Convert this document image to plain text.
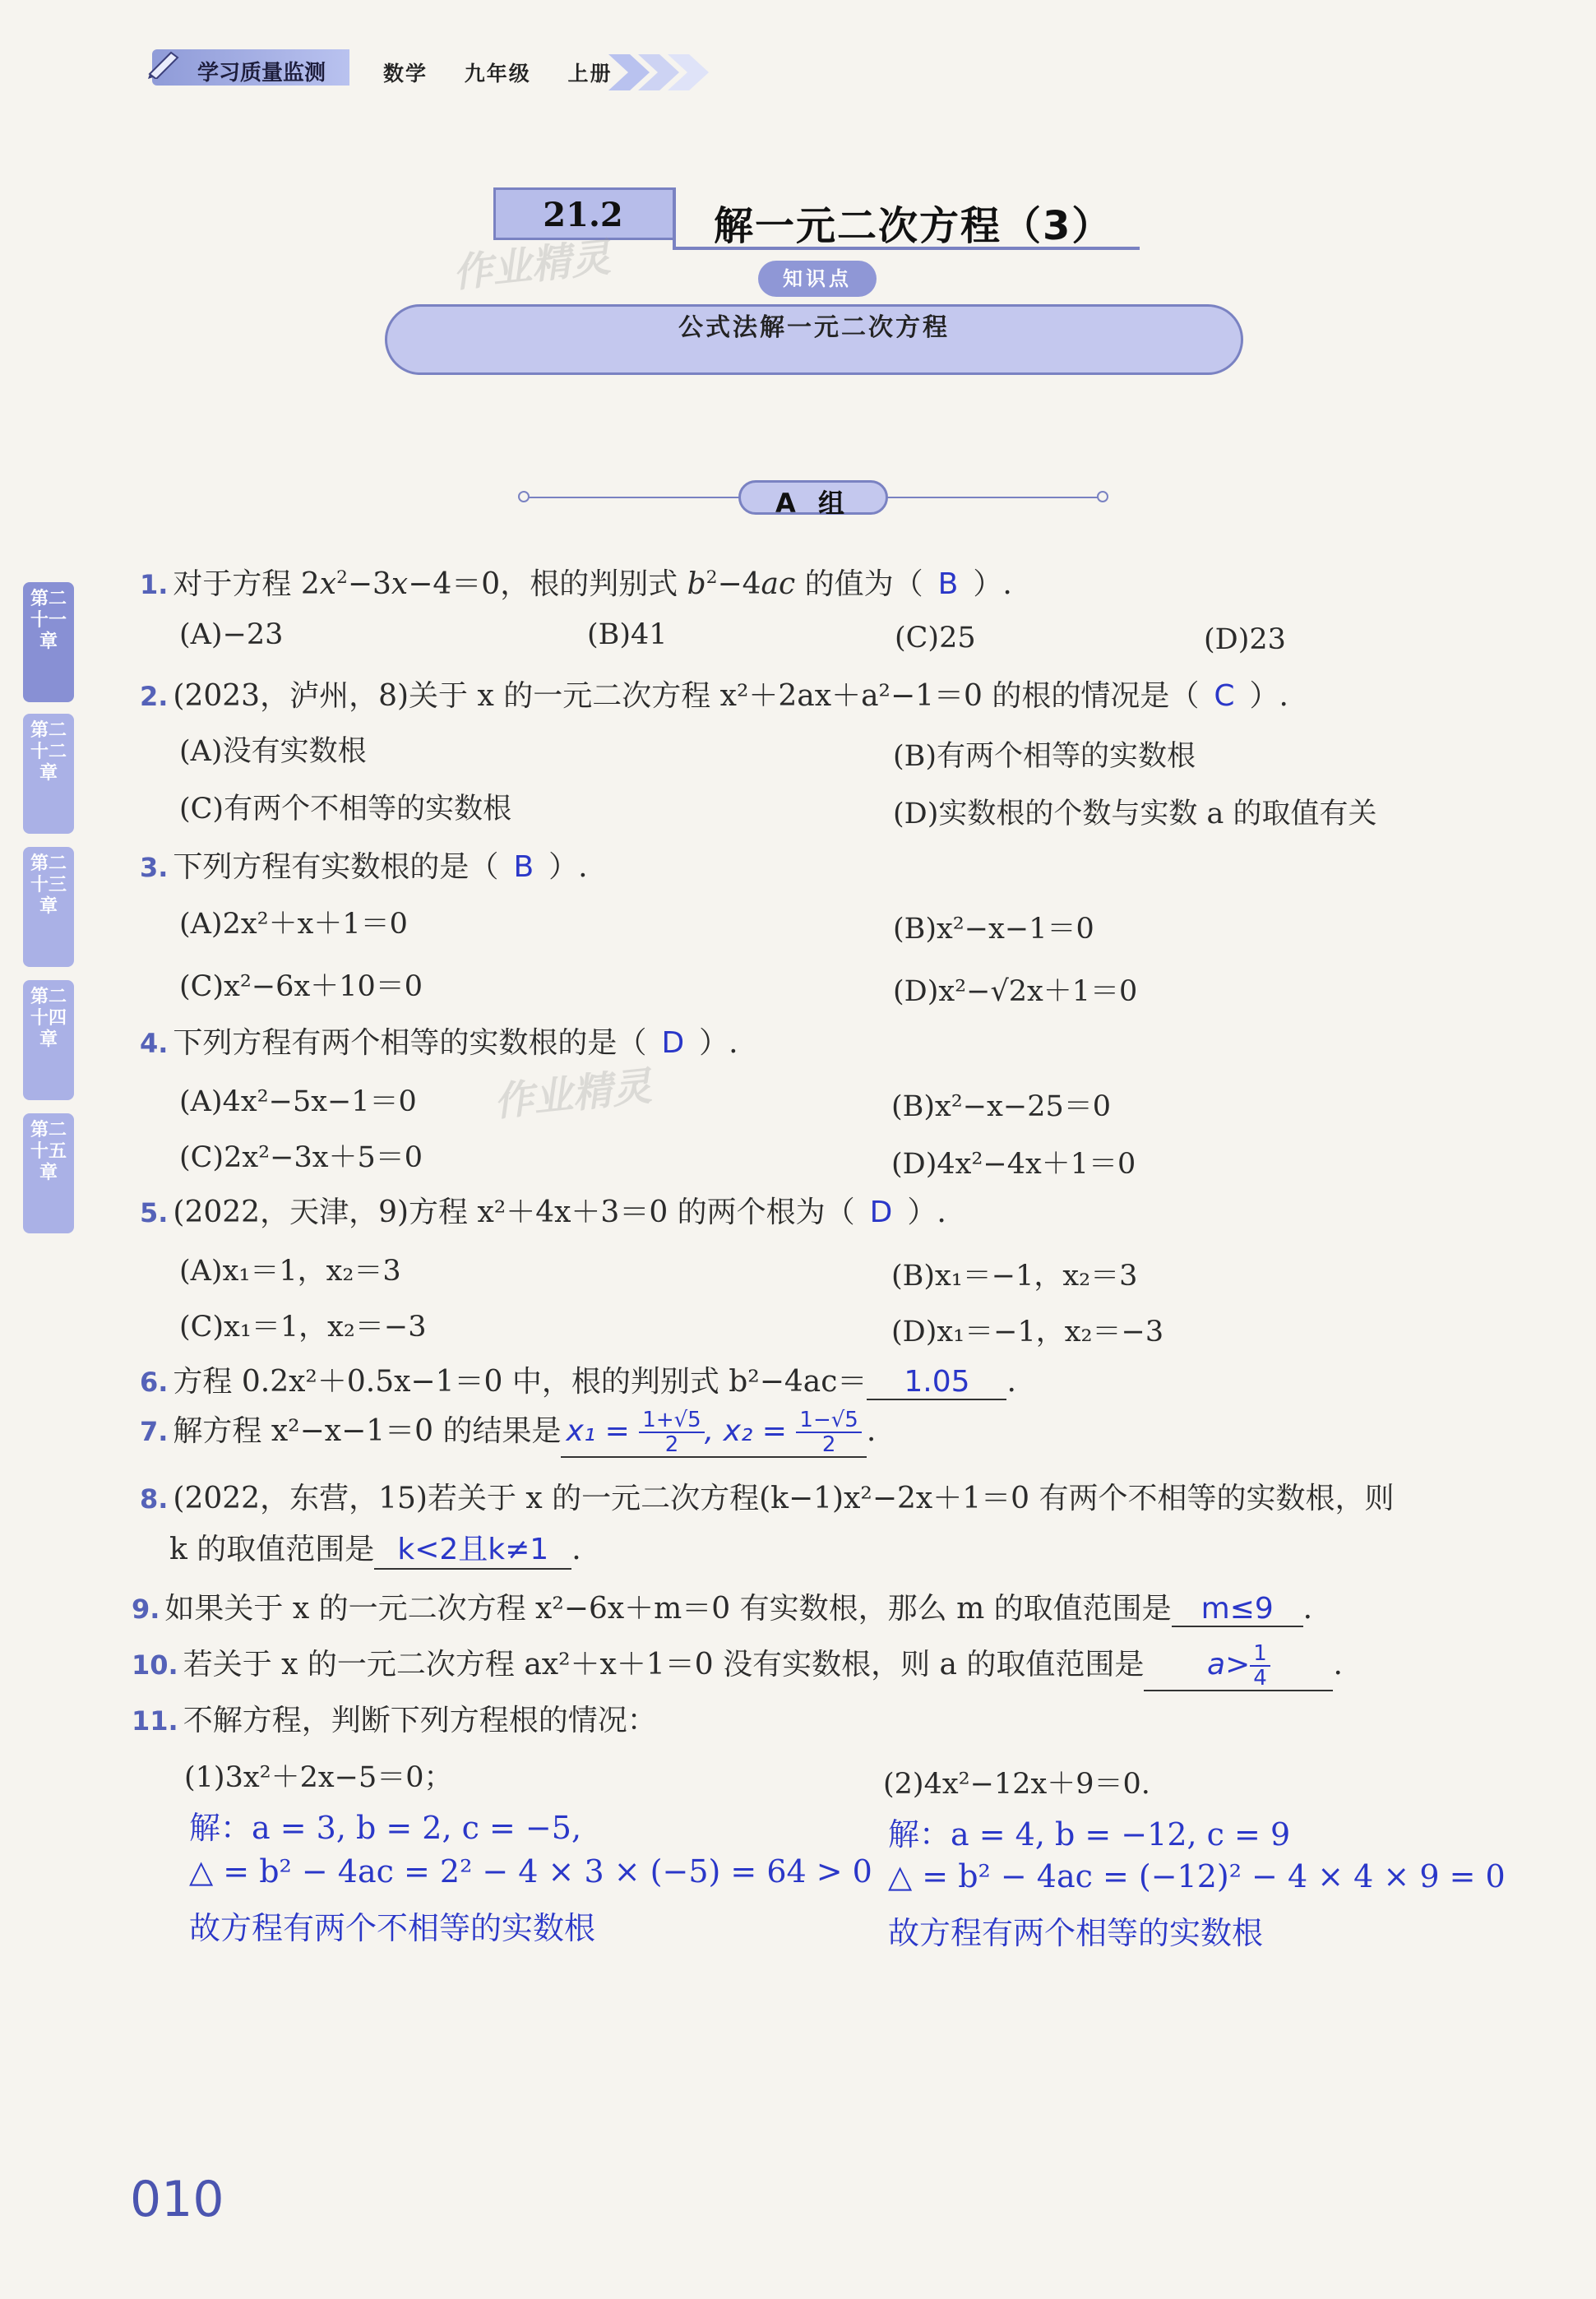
学习质量监测	数学 九年级 上册
21.2	解一元二次方程（3）
作业精灵
作业精灵
知识点
公式法解一元二次方程
A 组
第二十一章
第二十二章
第二十三章
第二十四章
第二十五章
1. 对于方程 $2x^2-3x-4=0$，根的判别式 $b^2-4ac$ 的值为（ B ）.
(A)−23	(B)41	(C)25	(D)23
2. (2023，泸州，8)关于 x 的一元二次方程 x²＋2ax＋a²−1＝0 的根的情况是（ C ）.
(A)没有实数根	(B)有两个相等的实数根
(C)有两个不相等的实数根	(D)实数根的个数与实数 a 的取值有关
3. 下列方程有实数根的是（ B ）.
(A)2x²＋x＋1＝0	(B)x²−x−1＝0
(C)x²−6x＋10＝0	(D)x²−√2x＋1＝0
4. 下列方程有两个相等的实数根的是（ D ）.
(A)4x²−5x−1＝0	(B)x²−x−25＝0
(C)2x²−3x＋5＝0	(D)4x²−4x＋1＝0
5. (2022，天津，9)方程 x²＋4x＋3＝0 的两个根为（ D ）.
(A)x₁＝1，x₂＝3	(B)x₁＝−1，x₂＝3
(C)x₁＝1，x₂＝−3	(D)x₁＝−1，x₂＝−3
6. 方程 0.2x²＋0.5x−1＝0 中，根的判别式 b²−4ac＝ 1.05 .
7. 解方程 x²−x−1＝0 的结果是 $x_1 = \frac{1+√5}{2}$ , $x_2 = \frac{1-√5}{2}$ .
8. (2022，东营，15)若关于 x 的一元二次方程(k−1)x²−2x＋1＝0 有两个不相等的实数根，则
k 的取值范围是 k<2且k≠1 .
9. 如果关于 x 的一元二次方程 x²−6x＋m＝0 有实数根，那么 m 的取值范围是 m≤9 .
10. 若关于 x 的一元二次方程 ax²＋x＋1＝0 没有实数根，则 a 的取值范围是 $a> \frac{1}{4}$ .
11. 不解方程，判断下列方程根的情况：
(1)3x²＋2x−5＝0；	(2)4x²−12x＋9＝0.
解：a = 3, b = 2, c = −5,
△ = b² − 4ac = 2² − 4 × 3 × (−5) = 64 > 0
故方程有两个不相等的实数根
解：a = 4, b = −12, c = 9
△ = b² − 4ac = (−12)² − 4 × 4 × 9 = 0
故方程有两个相等的实数根
010
